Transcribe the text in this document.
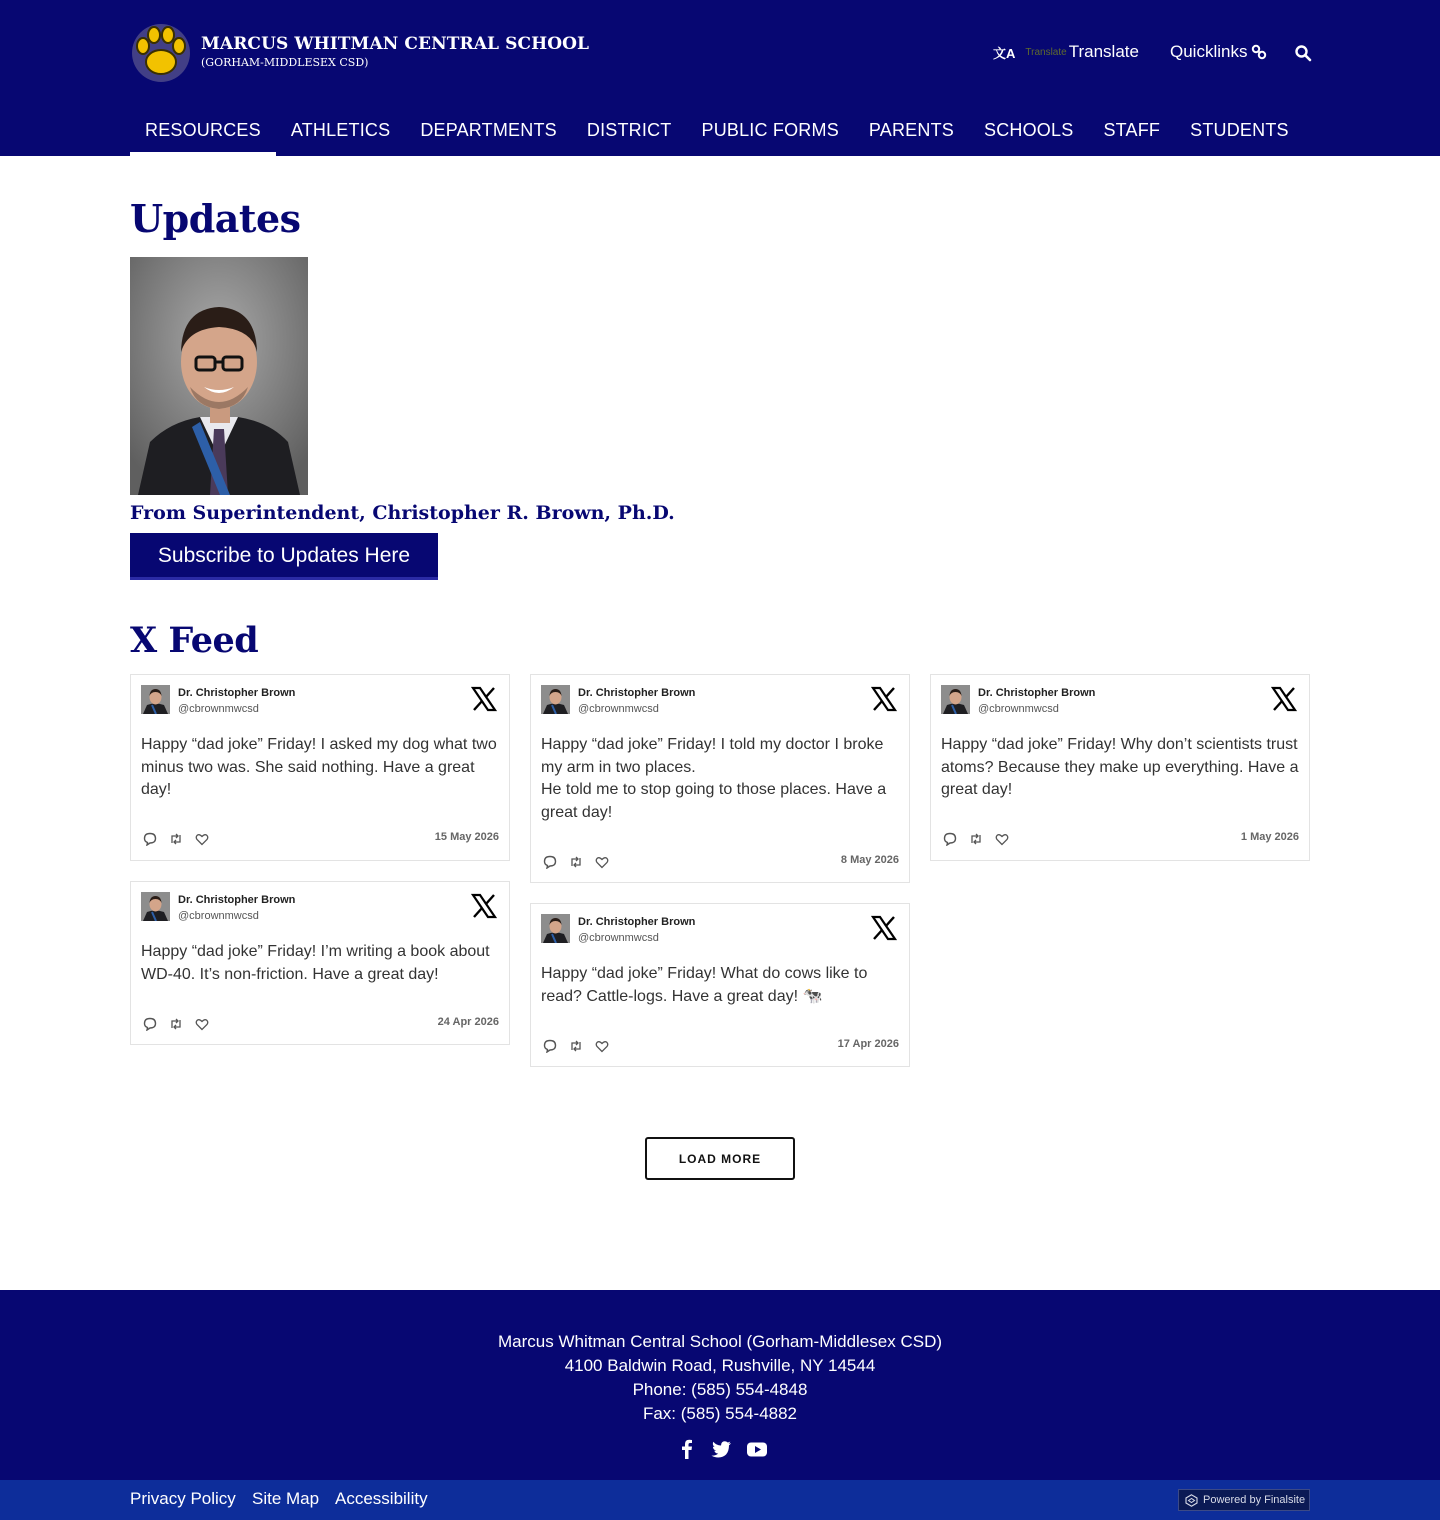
MARCUS WHITMAN CENTRAL SCHOOL
(GORHAM-MIDDLESEX CSD)
文A Translate Translate Quicklinks
RESOURCES	ATHLETICS	DEPARTMENTS	DISTRICT	PUBLIC FORMS	PARENTS	SCHOOLS	STAFF	STUDENTS
Updates
From Superintendent, Christopher R. Brown, Ph.D.
Subscribe to Updates Here
X Feed
Dr. Christopher Brown
@cbrownmwcsd
Happy “dad joke” Friday! I asked my dog what two minus two was. She said nothing. Have a great day!
15 May 2026
Dr. Christopher Brown
@cbrownmwcsd
Happy “dad joke” Friday! I told my doctor I broke my arm in two places.
He told me to stop going to those places. Have a great day!
8 May 2026
Dr. Christopher Brown
@cbrownmwcsd
Happy “dad joke” Friday! Why don’t scientists trust atoms? Because they make up everything. Have a great day!
1 May 2026
Dr. Christopher Brown
@cbrownmwcsd
Happy “dad joke” Friday! I’m writing a book about WD-40. It’s non-friction. Have a great day!
24 Apr 2026
Dr. Christopher Brown
@cbrownmwcsd
Happy “dad joke” Friday! What do cows like to read? Cattle-logs. Have a great day! 🐄
17 Apr 2026
LOAD MORE
Marcus Whitman Central School (Gorham-Middlesex CSD)
4100 Baldwin Road, Rushville, NY 14544
Phone: (585) 554-4848
Fax: (585) 554-4882
Privacy Policy Site Map Accessibility	Powered by Finalsite
